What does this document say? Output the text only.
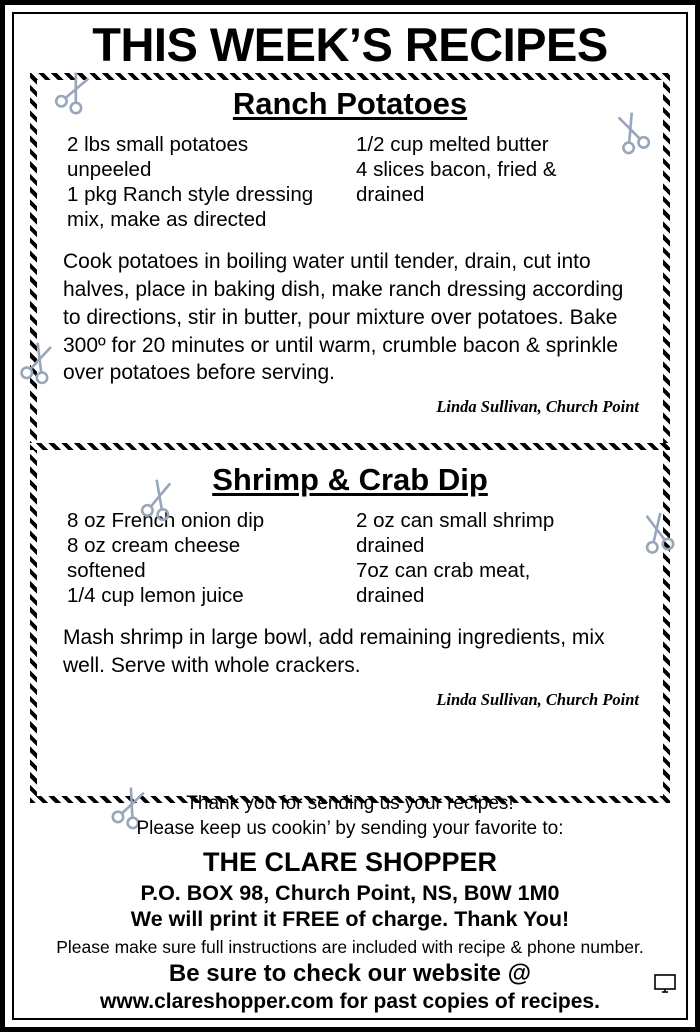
THIS WEEK’S RECIPES
Ranch Potatoes
2 lbs small potatoes
unpeeled
1 pkg Ranch style dressing
mix, make as directed
1/2 cup melted butter
4 slices bacon, fried &
drained
Cook potatoes in boiling water until tender, drain, cut into halves, place in baking dish, make ranch dressing according to directions, stir in butter, pour mixture over potatoes. Bake 300º for 20 minutes or until warm, crumble bacon & sprinkle over potatoes before serving.
Linda Sullivan, Church Point
Shrimp & Crab Dip
8 oz French onion dip
8 oz cream cheese
softened
1/4 cup lemon juice
2 oz can small shrimp
drained
7oz can crab meat,
drained
Mash shrimp in large bowl, add remaining ingredients, mix well. Serve with whole crackers.
Linda Sullivan, Church Point
Thank you for sending us your recipes!
Please keep us cookin’ by sending your favorite to:
THE CLARE SHOPPER
P.O. BOX 98, Church Point, NS, B0W 1M0
We will print it FREE of charge. Thank You!
Please make sure full instructions are included with recipe & phone number.
Be sure to check our website @
www.clareshopper.com for past copies of recipes.
